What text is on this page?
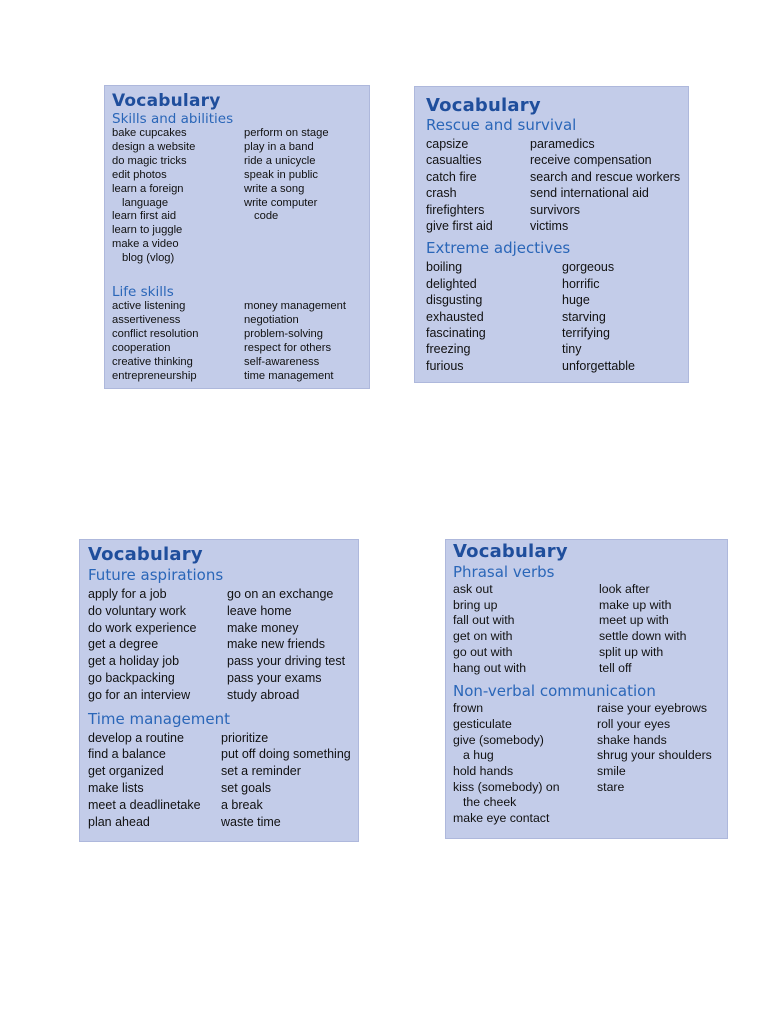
Vocabulary
Skills and abilities
bake cupcakes
design a website
do magic tricks
edit photos
learn a foreign
language
learn first aid
learn to juggle
make a video
blog (vlog)
perform on stage
play in a band
ride a unicycle
speak in public
write a song
write computer
code
Life skills
active listening
assertiveness
conflict resolution
cooperation
creative thinking
entrepreneurship
money management
negotiation
problem-solving
respect for others
self-awareness
time management
Vocabulary
Rescue and survival
capsize
casualties
catch fire
crash
firefighters
give first aid
paramedics
receive compensation
search and rescue workers
send international aid
survivors
victims
Extreme adjectives
boiling
delighted
disgusting
exhausted
fascinating
freezing
furious
gorgeous
horrific
huge
starving
terrifying
tiny
unforgettable
Vocabulary
Future aspirations
apply for a job
do voluntary work
do work experience
get a degree
get a holiday job
go backpacking
go for an interview
go on an exchange
leave home
make money
make new friends
pass your driving test
pass your exams
study abroad
Time management
develop a routine
find a balance
get organized
make lists
meet a deadlinetake
plan ahead
prioritize
put off doing something
set a reminder
set goals
a break
waste time
Vocabulary
Phrasal verbs
ask out
bring up
fall out with
get on with
go out with
hang out with
look after
make up with
meet up with
settle down with
split up with
tell off
Non-verbal communication
frown
gesticulate
give (somebody)
a hug
hold hands
kiss (somebody) on
the cheek
make eye contact
raise your eyebrows
roll your eyes
shake hands
shrug your shoulders
smile
stare
